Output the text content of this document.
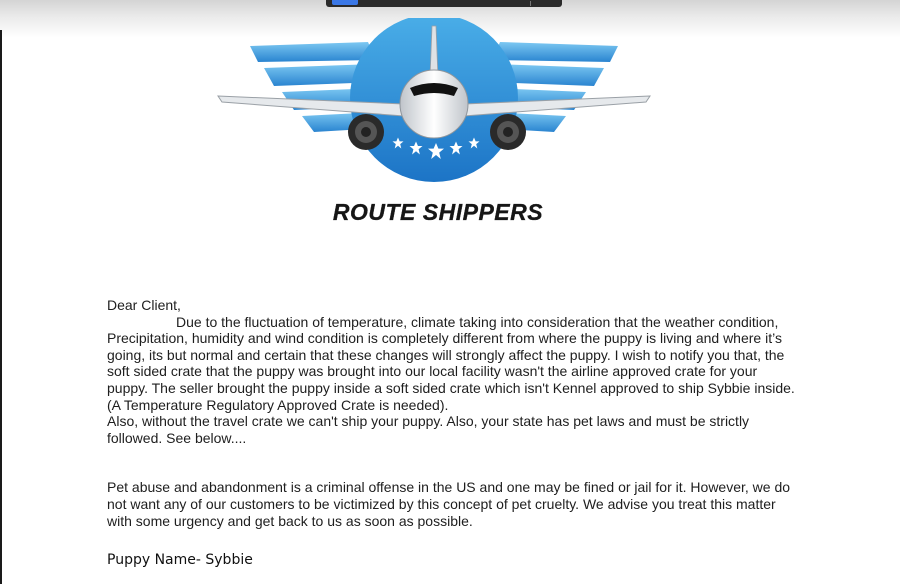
ROUTE SHIPPERS

Dear Client,

Due to the fluctuation of temperature, climate taking into consideration that the weather condition, Precipitation, humidity and wind condition is completely different from where the puppy is living and where it’s going, its but normal and certain that these changes will strongly affect the puppy. I wish to notify you that, the soft sided crate that the puppy was brought into our local facility wasn't the airline approved crate for your puppy. The seller brought the puppy inside a soft sided crate which isn't Kennel approved to ship Sybbie inside. (A Temperature Regulatory Approved Crate is needed).

Also, without the travel crate we can't ship your puppy. Also, your state has pet laws and must be strictly followed. See below....

Pet abuse and abandonment is a criminal offense in the US and one may be fined or jail for it. However, we do not want any of our customers to be victimized by this concept of pet cruelty. We advise you treat this matter with some urgency and get back to us as soon as possible.

Puppy Name- Sybbie
